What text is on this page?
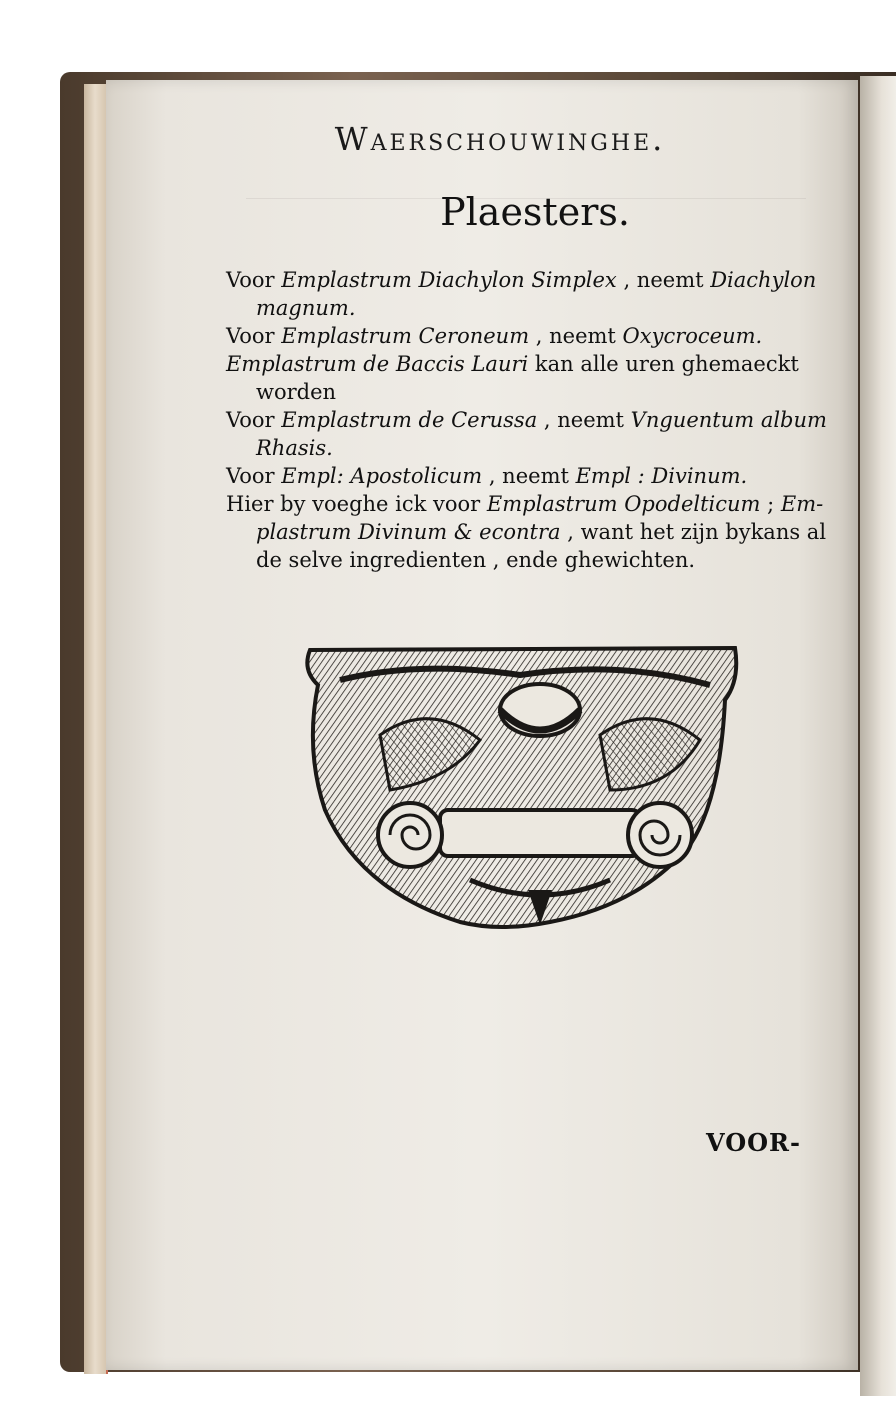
Waerschouwinghe.
Plaesters.
Voor Emplastrum Diachylon Simplex , neemt Diachylon
magnum.
Voor Emplastrum Ceroneum , neemt Oxycroceum.
Emplastrum de Baccis Lauri kan alle uren ghemaeckt
worden
Voor Emplastrum de Cerussa , neemt Vnguentum album
Rhasis.
Voor Empl: Apostolicum , neemt Empl : Divinum.
Hier by voeghe ick voor Emplastrum Opodelticum ; Em-
plastrum Divinum & econtra , want het zijn bykans al
de selve ingredienten , ende ghewichten.
VOOR-
